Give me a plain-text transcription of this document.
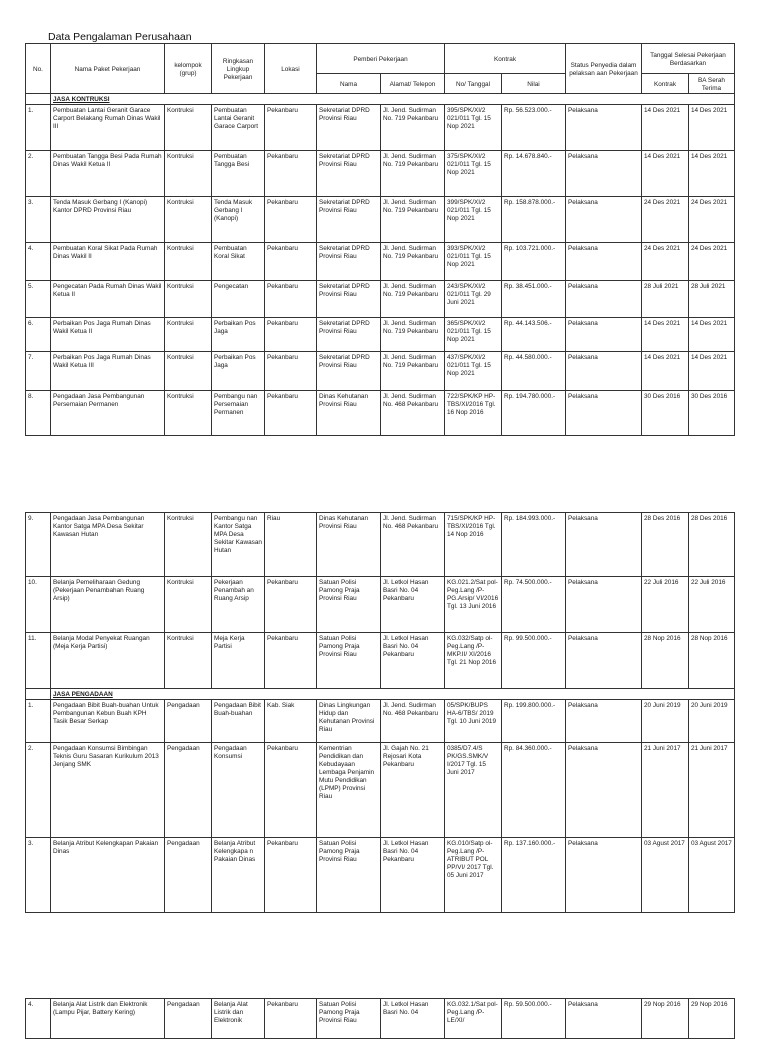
Data Pengalaman Perusahaan
No.	Nama Paket Pekerjaan	kelompok (grup)	Ringkasan Lingkup Pekerjaan	Lokasi	Pemberi Pekerjaan		Kontrak		Status Penyedia dalam pelaksan aan Pekerjaan	Tanggal Selesai Pekerjaan Berdasarkan	
					Nama	Alamat/ Telepon	No/ Tanggal	Nilai		Kontrak	BA Serah Terima
	JASA KONTRUKSI										
1.	Pembuatan Lantai Geranit Garace Carport Belakang Rumah Dinas Wakil III	Kontruksi	Pembuatan Lantai Geranit Garace Carport	Pekanbaru	Sekretariat DPRD Provinsi Riau	Jl. Jend. Sudirman No. 719 Pekanbaru	395/SPK/XI/2 021/011 Tgl. 15 Nop 2021	Rp. 56.523.000.-	Pelaksana	14 Des 2021	14 Des 2021
2.	Pembuatan Tangga Besi Pada Rumah Dinas Wakil Ketua II	Kontruksi	Pembuatan Tangga Besi	Pekanbaru	Sekretariat DPRD Provinsi Riau	Jl. Jend. Sudirman No. 719 Pekanbaru	375/SPK/XI/2 021/011 Tgl. 15 Nop 2021	Rp. 14.678.840.-	Pelaksana	14 Des 2021	14 Des 2021
3.	Tenda Masuk Gerbang I (Kanopi) Kantor DPRD Provinsi Riau	Kontruksi	Tenda Masuk Gerbang I (Kanopi)	Pekanbaru	Sekretariat DPRD Provinsi Riau	Jl. Jend. Sudirman No. 719 Pekanbaru	399/SPK/XI/2 021/011 Tgl. 15 Nop 2021	Rp. 158.878.000.-	Pelaksana	24 Des 2021	24 Des 2021
4.	Pembuatan Koral Sikat Pada Rumah Dinas Wakil II	Kontruksi	Pembuatan Koral Sikat	Pekanbaru	Sekretariat DPRD Provinsi Riau	Jl. Jend. Sudirman No. 719 Pekanbaru	393/SPK/XI/2 021/011 Tgl. 15 Nop 2021	Rp. 103.721.000.-	Pelaksana	24 Des 2021	24 Des 2021
5.	Pengecatan Pada Rumah Dinas Wakil Ketua II	Kontruksi	Pengecatan	Pekanbaru	Sekretariat DPRD Provinsi Riau	Jl. Jend. Sudirman No. 719 Pekanbaru	243/SPK/XI/2 021/011 Tgl. 29 Juni 2021	Rp. 38.451.000.-	Pelaksana	28 Juli 2021	28 Juli 2021
6.	Perbaikan Pos Jaga Rumah Dinas Wakil Ketua II	Kontruksi	Perbaikan Pos Jaga	Pekanbaru	Sekretariat DPRD Provinsi Riau	Jl. Jend. Sudirman No. 719 Pekanbaru	365/SPK/XI/2 021/011 Tgl. 15 Nop 2021	Rp. 44.143.506.-	Pelaksana	14 Des 2021	14 Des 2021
7.	Perbaikan Pos Jaga Rumah Dinas Wakil Ketua III	Kontruksi	Perbaikan Pos Jaga	Pekanbaru	Sekretariat DPRD Provinsi Riau	Jl. Jend. Sudirman No. 719 Pekanbaru	437/SPK/XI/2 021/011 Tgl. 15 Nop 2021	Rp. 44.580.000.-	Pelaksana	14 Des 2021	14 Des 2021
8.	Pengadaan Jasa Pembangunan Persemaian Permanen	Kontruksi	Pembangu nan Persemaian Permanen	Pekanbaru	Dinas Kehutanan Provinsi Riau	Jl. Jend. Sudirman No. 468 Pekanbaru	722/SPK/KP HP-TBS/XI/2016 Tgl. 16 Nop 2016	Rp. 194.780.000.-	Pelaksana	30 Des 2016	30 Des 2016
9.	Pengadaan Jasa Pembangunan Kantor Satga MPA Desa Sekitar Kawasan Hutan	Kontruksi	Pembangu nan Kantor Satga MPA Desa Sekitar Kawasan Hutan	Riau	Dinas Kehutanan Provinsi Riau	Jl. Jend. Sudirman No. 468 Pekanbaru	715/SPK/KP HP-TBS/XI/2016 Tgl. 14 Nop 2016	Rp. 184.993.000.-	Pelaksana	28 Des 2016	28 Des 2016
10.	Belanja Pemeliharaan Gedung (Pekerjaan Penambahan Ruang Arsip)	Kontruksi	Pekerjaan Penambah an Ruang Arsip	Pekanbaru	Satuan Polisi Pamong Praja Provinsi Riau	Jl. Letkol Hasan Basri No. 04 Pekanbaru	KG.021.2/Sat pol-Peg.Lang /P-PG.Arsip/ VI/2016 Tgl. 13 Juni 2016	Rp. 74.500.000.-	Pelaksana	22 Juli 2016	22 Juli 2016
11.	Belanja Modal Penyekat Ruangan (Meja Kerja Partisi)	Kontruksi	Meja Kerja Partisi	Pekanbaru	Satuan Polisi Pamong Praja Provinsi Riau	Jl. Letkol Hasan Basri No. 04 Pekanbaru	KG.032/Satp ol-Peg.Lang /P-MKP.II/ XI/2016 Tgl. 21 Nop 2016	Rp. 99.500.000.-	Pelaksana	28 Nop 2016	28 Nop 2016
	JASA PENGADAAN										
1.	Pengadaan Bibit Buah-buahan Untuk Pembangunan Kebun Buah KPH Tasik Besar Serkap	Pengadaan	Pengadaan Bibit Buah-buahan	Kab. Siak	Dinas Lingkungan Hidup dan Kehutanan Provinsi Riau	Jl. Jend. Sudirman No. 468 Pekanbaru	05/SPK/BUPS HA-6/TBS/ 2019 Tgl. 10 Juni 2019	Rp. 199.800.000.-	Pelaksana	20 Juni 2019	20 Juni 2019
2.	Pengadaan Konsumsi Bimbingan Teknis Guru Sasaran Kurikulum 2013 Jenjang SMK	Pengadaan	Pengadaan Konsumsi	Pekanbaru	Kementrian Pendidikan dan Kebudayaan Lembaga Penjamin Mutu Pendidikan (LPMP) Provinsi Riau	Jl. Gajah No. 21 Rejosari Kota Pekanbaru	0385/D7.4/S PK/GS.SMK/V I/2017 Tgl. 15 Juni 2017	Rp. 84.360.000.-	Pelaksana	21 Juni 2017	21 Juni 2017
3.	Belanja Atribut Kelengkapan Pakaian Dinas	Pengadaan	Belanja Atribut Kelengkapa n Pakaian Dinas	Pekanbaru	Satuan Polisi Pamong Praja Provinsi Riau	Jl. Letkol Hasan Basri No. 04 Pekanbaru	KG.010/Satp ol-Peg.Lang /P-ATRIBUT POL PP/VI/ 2017 Tgl. 05 Juni 2017	Rp. 137.160.000.-	Pelaksana	03 Agust 2017	03 Agust 2017
4.	Belanja Alat Listrik dan Elektronik (Lampu Pijar, Battery Kering)	Pengadaan	Belanja Alat Listrik dan Elektronik	Pekanbaru	Satuan Polisi Pamong Praja Provinsi Riau	Jl. Letkol Hasan Basri No. 04	KG.032.1/Sat pol-Peg.Lang /P-LE/XI/	Rp. 59.500.000.-	Pelaksana	29 Nop 2016	29 Nop 2016
